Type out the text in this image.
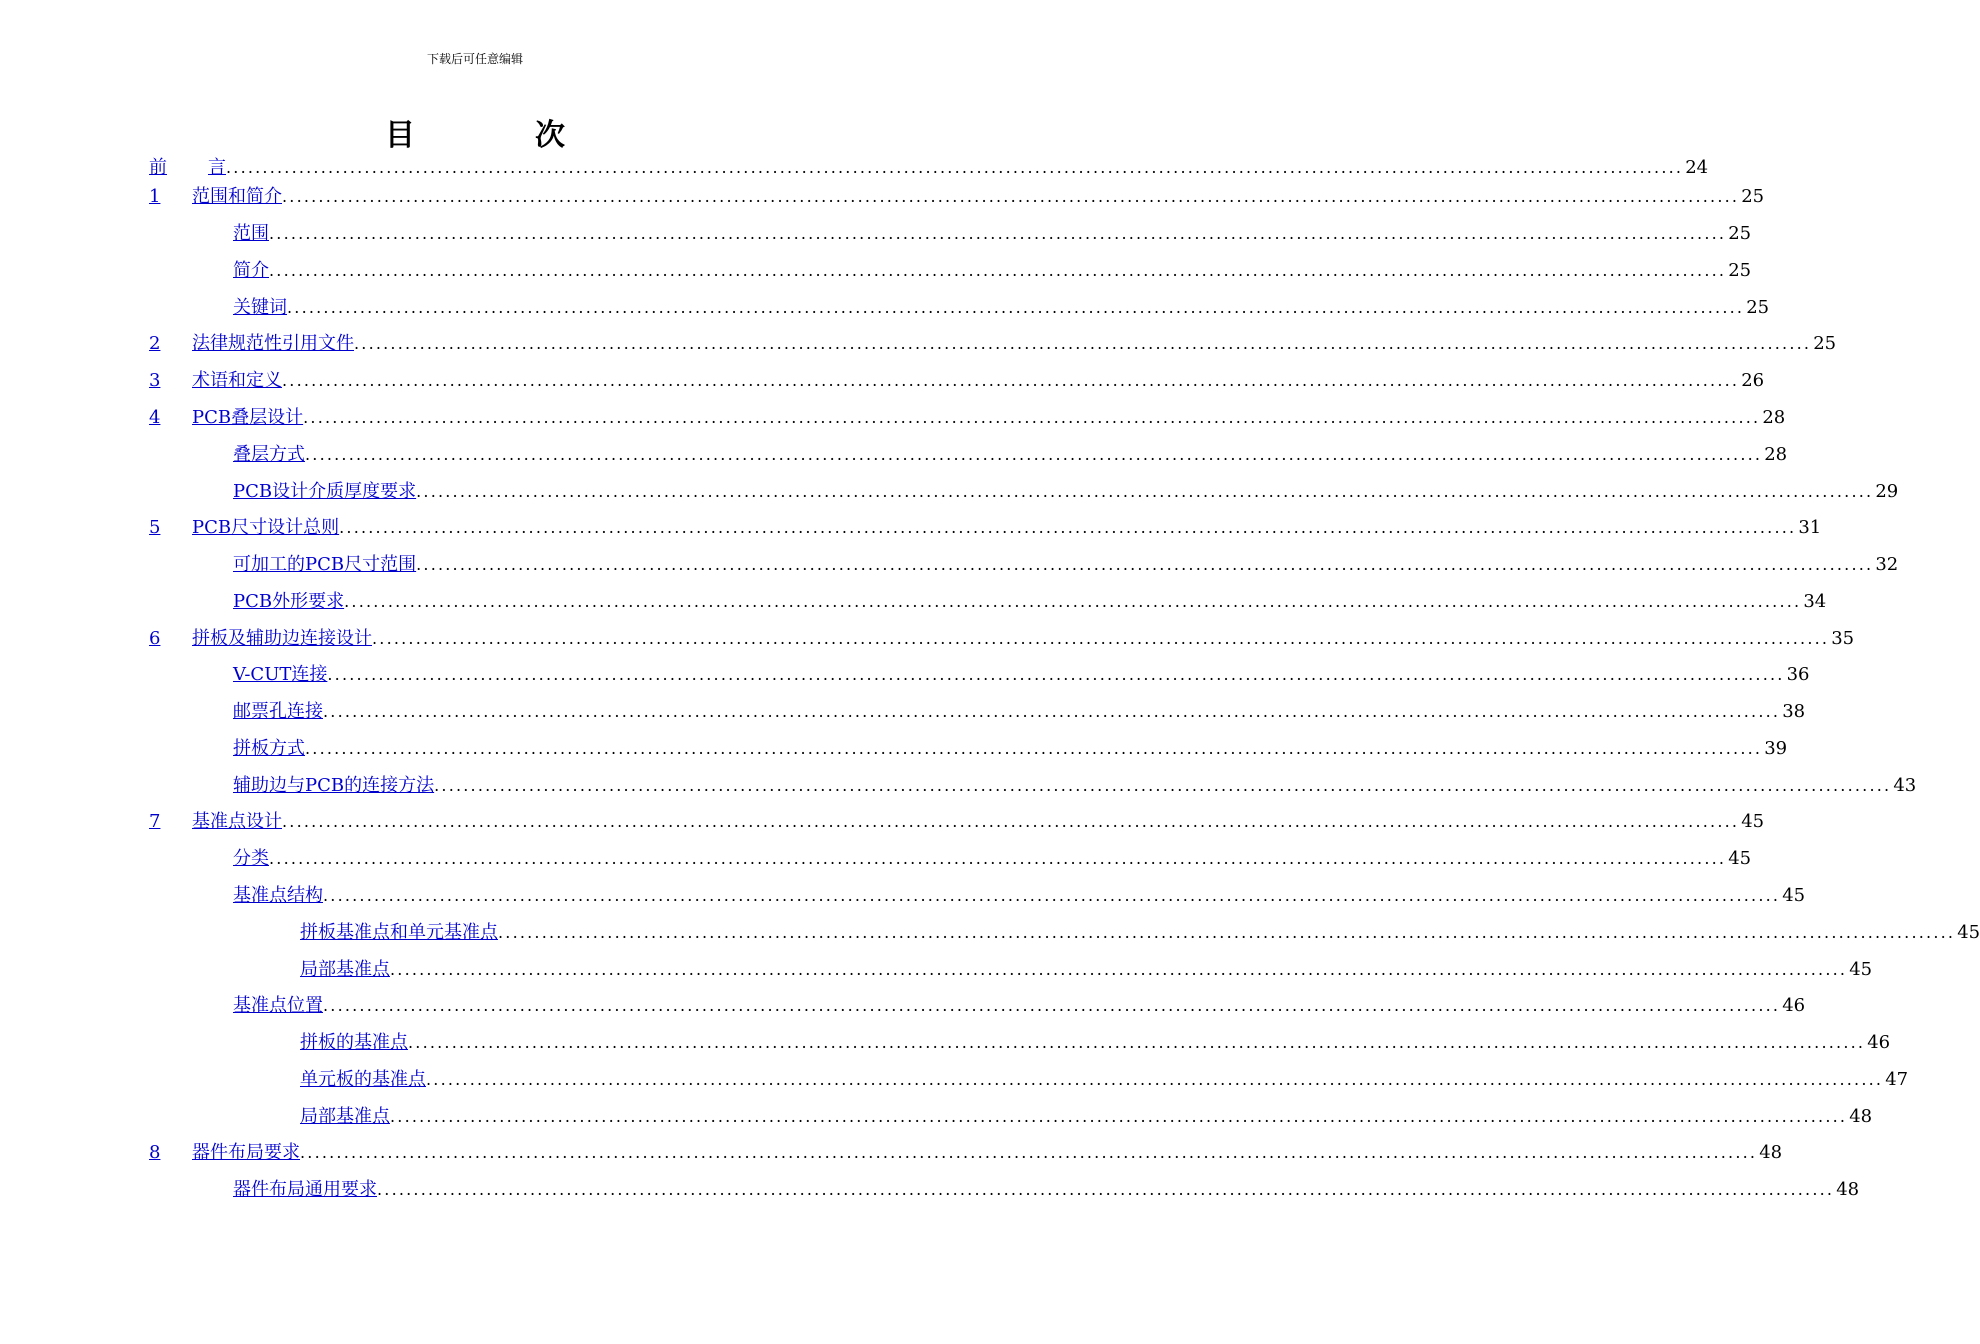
下载后可任意编辑
目	次
前 言 ........................................................................................................................................................................................................ 24
1 范围和简介 ........................................................................................................................................................................................................ 25
范围 ........................................................................................................................................................................................................ 25
简介 ........................................................................................................................................................................................................ 25
关键词 ........................................................................................................................................................................................................ 25
2 法律规范性引用文件 ........................................................................................................................................................................................................ 25
3 术语和定义 ........................................................................................................................................................................................................ 26
4 PCB叠层设计 ........................................................................................................................................................................................................ 28
叠层方式 ........................................................................................................................................................................................................ 28
PCB设计介质厚度要求 ........................................................................................................................................................................................................ 29
5 PCB尺寸设计总则 ........................................................................................................................................................................................................ 31
可加工的PCB尺寸范围 ........................................................................................................................................................................................................ 32
PCB外形要求 ........................................................................................................................................................................................................ 34
6 拼板及辅助边连接设计 ........................................................................................................................................................................................................ 35
V-CUT连接 ........................................................................................................................................................................................................ 36
邮票孔连接 ........................................................................................................................................................................................................ 38
拼板方式 ........................................................................................................................................................................................................ 39
辅助边与PCB的连接方法 ........................................................................................................................................................................................................ 43
7 基准点设计 ........................................................................................................................................................................................................ 45
分类 ........................................................................................................................................................................................................ 45
基准点结构 ........................................................................................................................................................................................................ 45
拼板基准点和单元基准点 ........................................................................................................................................................................................................ 45
局部基准点 ........................................................................................................................................................................................................ 45
基准点位置 ........................................................................................................................................................................................................ 46
拼板的基准点 ........................................................................................................................................................................................................ 46
单元板的基准点 ........................................................................................................................................................................................................ 47
局部基准点 ........................................................................................................................................................................................................ 48
8 器件布局要求 ........................................................................................................................................................................................................ 48
器件布局通用要求 ........................................................................................................................................................................................................ 48
